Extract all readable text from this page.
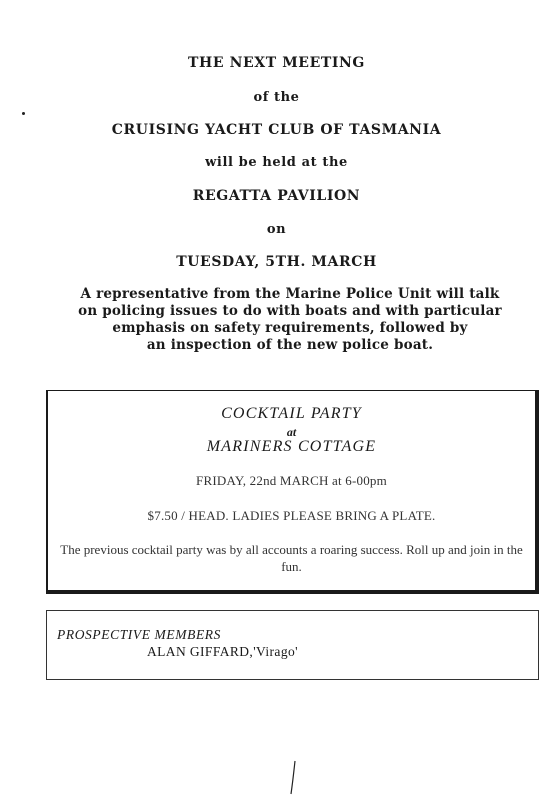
THE NEXT MEETING
of the
CRUISING YACHT CLUB OF TASMANIA
will be held at the
REGATTA PAVILION
on
TUESDAY, 5TH. MARCH
A representative from the Marine Police Unit will talk
on policing issues to do with boats and with particular
emphasis on safety requirements, followed by
an inspection of the new police boat.
COCKTAIL PARTY
at
MARINERS COTTAGE
FRIDAY, 22nd MARCH at 6-00pm
$7.50 / HEAD. LADIES PLEASE BRING A PLATE.
The previous cocktail party was by all accounts a roaring success. Roll up and join in the fun.
PROSPECTIVE MEMBERS
ALAN GIFFARD,'Virago'
